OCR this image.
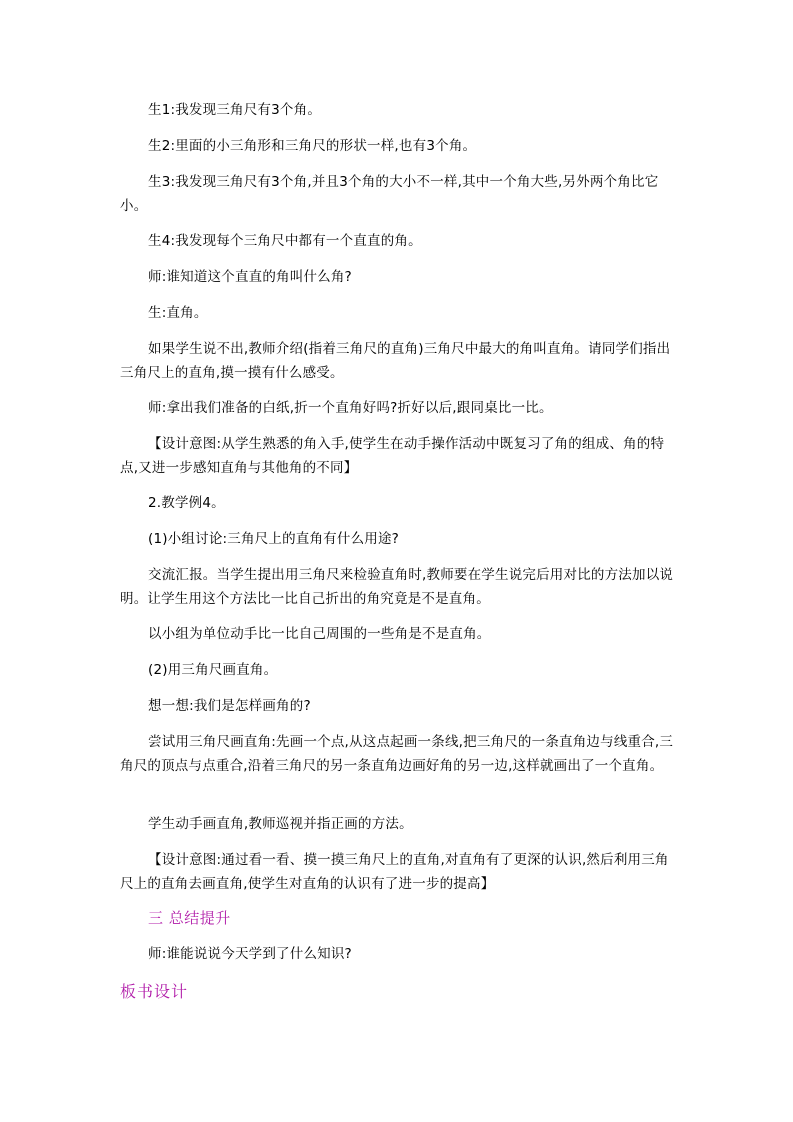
生1:我发现三角尺有3个角。
生2:里面的小三角形和三角尺的形状一样,也有3个角。
生3:我发现三角尺有3个角,并且3个角的大小不一样,其中一个角大些,另外两个角比它小。
生4:我发现每个三角尺中都有一个直直的角。
师:谁知道这个直直的角叫什么角?
生:直角。
如果学生说不出,教师介绍(指着三角尺的直角)三角尺中最大的角叫直角。请同学们指出三角尺上的直角,摸一摸有什么感受。
师:拿出我们准备的白纸,折一个直角好吗?折好以后,跟同桌比一比。
【设计意图:从学生熟悉的角入手,使学生在动手操作活动中既复习了角的组成、角的特点,又进一步感知直角与其他角的不同】
2.教学例4。
(1)小组讨论:三角尺上的直角有什么用途?
交流汇报。当学生提出用三角尺来检验直角时,教师要在学生说完后用对比的方法加以说明。让学生用这个方法比一比自己折出的角究竟是不是直角。
以小组为单位动手比一比自己周围的一些角是不是直角。
(2)用三角尺画直角。
想一想:我们是怎样画角的?
尝试用三角尺画直角:先画一个点,从这点起画一条线,把三角尺的一条直角边与线重合,三角尺的顶点与点重合,沿着三角尺的另一条直角边画好角的另一边,这样就画出了一个直角。
学生动手画直角,教师巡视并指正画的方法。
【设计意图:通过看一看、摸一摸三角尺上的直角,对直角有了更深的认识,然后利用三角尺上的直角去画直角,使学生对直角的认识有了进一步的提高】
三 总结提升
师:谁能说说今天学到了什么知识?
板书设计
